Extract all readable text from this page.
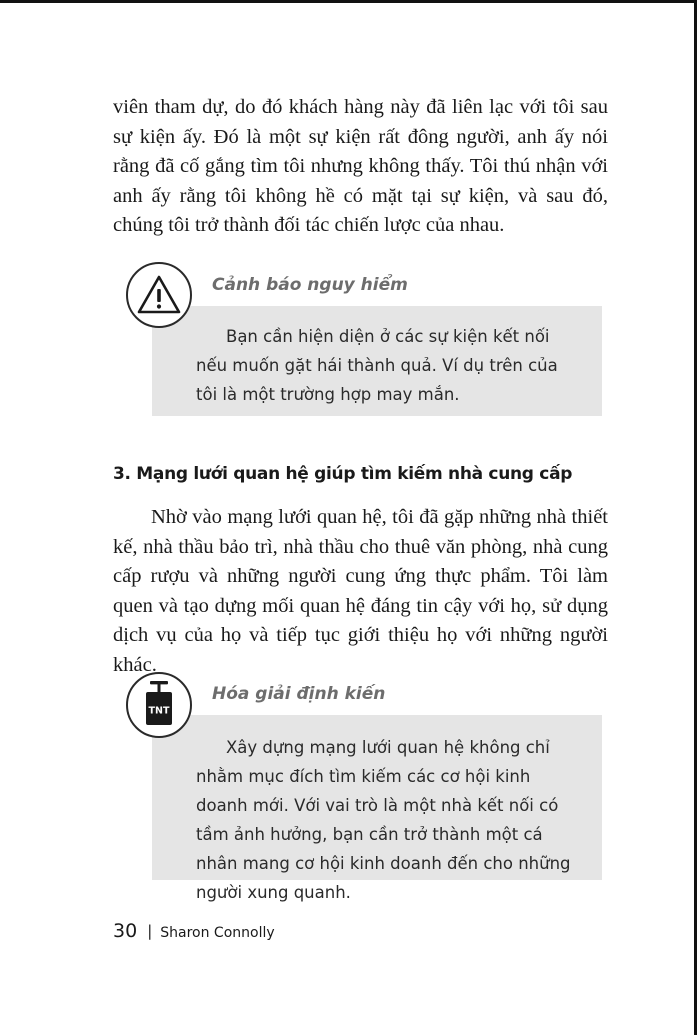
viên tham dự, do đó khách hàng này đã liên lạc với tôi sau sự kiện ấy. Đó là một sự kiện rất đông người, anh ấy nói rằng đã cố gắng tìm tôi nhưng không thấy. Tôi thú nhận với anh ấy rằng tôi không hề có mặt tại sự kiện, và sau đó, chúng tôi trở thành đối tác chiến lược của nhau.

Bạn cần hiện diện ở các sự kiện kết nối nếu muốn gặt hái thành quả. Ví dụ trên của tôi là một trường hợp may mắn.

Cảnh báo nguy hiểm

3. Mạng lưới quan hệ giúp tìm kiếm nhà cung cấp

Nhờ vào mạng lưới quan hệ, tôi đã gặp những nhà thiết kế, nhà thầu bảo trì, nhà thầu cho thuê văn phòng, nhà cung cấp rượu và những người cung ứng thực phẩm. Tôi làm quen và tạo dựng mối quan hệ đáng tin cậy với họ, sử dụng dịch vụ của họ và tiếp tục giới thiệu họ với những người khác.

Xây dựng mạng lưới quan hệ không chỉ nhằm mục đích tìm kiếm các cơ hội kinh doanh mới. Với vai trò là một nhà kết nối có tầm ảnh hưởng, bạn cần trở thành một cá nhân mang cơ hội kinh doanh đến cho những người xung quanh.
TNT

Hóa giải định kiến

30 | Sharon Connolly
